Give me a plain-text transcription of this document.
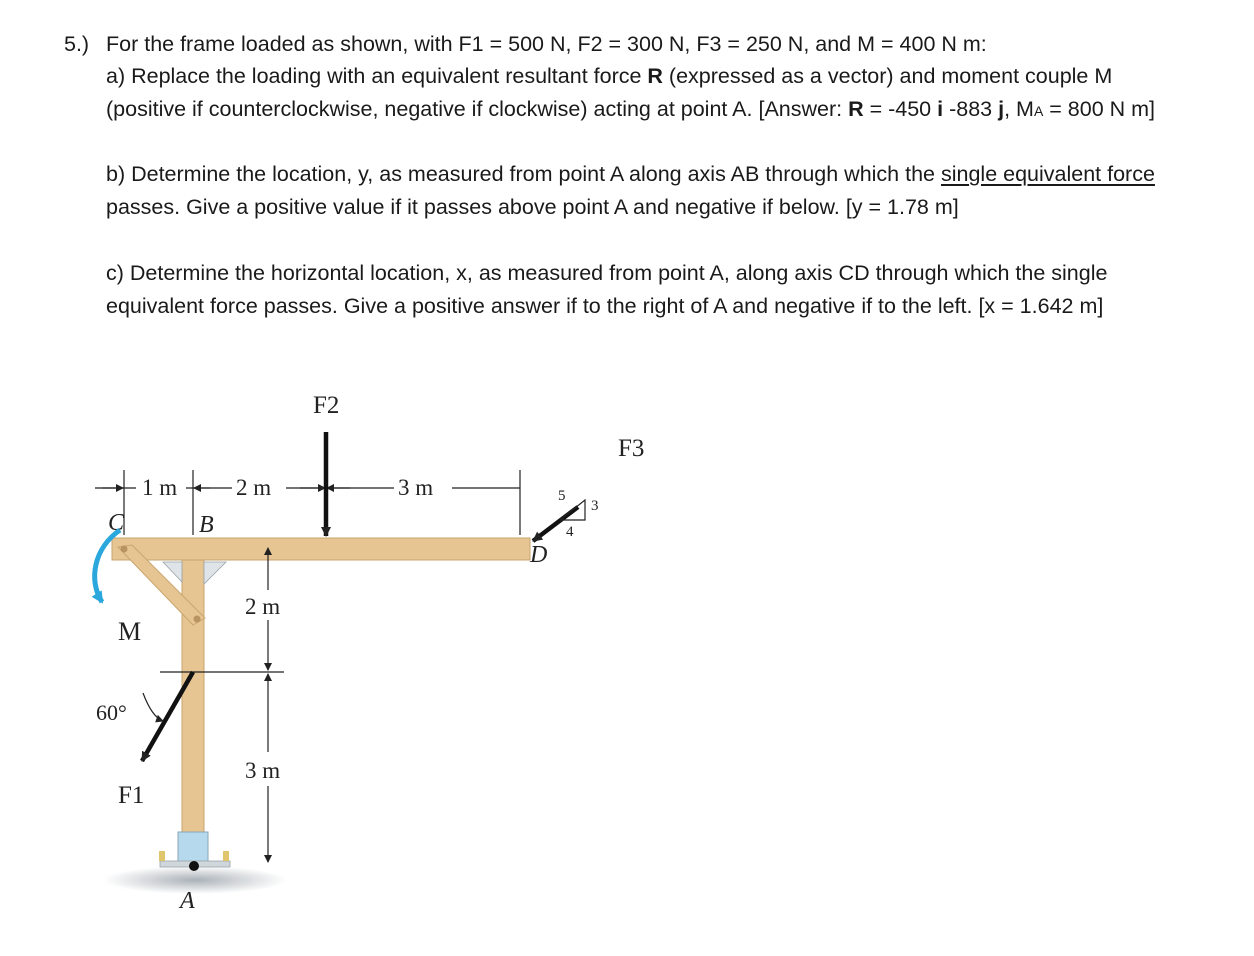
5.) For the frame loaded as shown, with F1 = 500 N, F2 = 300 N, F3 = 250 N, and M = 400 N m:
a) Replace the loading with an equivalent resultant force R (expressed as a vector) and moment couple M (positive if counterclockwise, negative if clockwise) acting at point A. [Answer: R = -450 i -883 j, MA = 800 N m]
b) Determine the location, y, as measured from point A along axis AB through which the single equivalent force passes. Give a positive value if it passes above point A and negative if below. [y = 1.78 m]
c) Determine the horizontal location, x, as measured from point A, along axis CD through which the single equivalent force passes. Give a positive answer if to the right of A and negative if to the left. [x = 1.642 m]
A
1 m	2 m	3 m
C	B
D
F2
F3
5
3
4
M
2 m
3 m
60°
F1
